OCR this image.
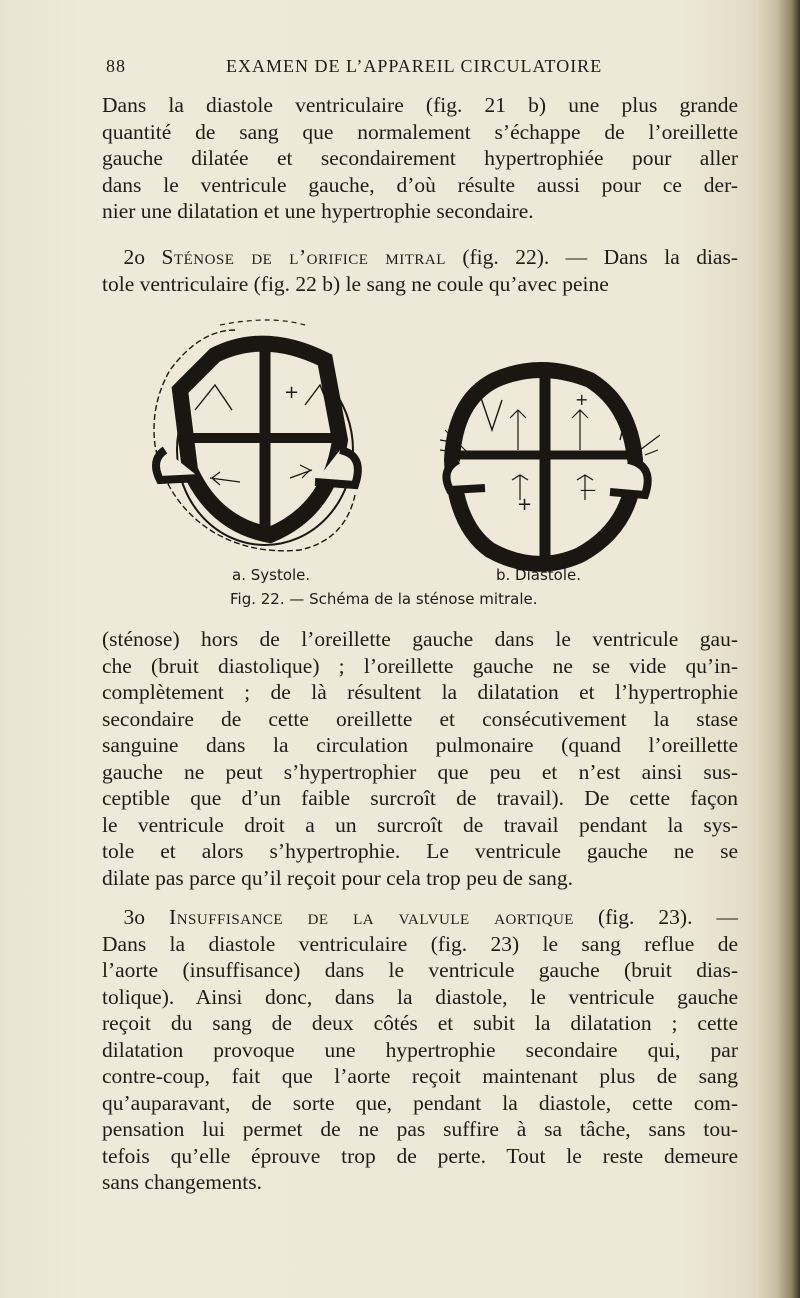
88	EXAMEN DE L’APPAREIL CIRCULATOIRE

Dans la diastole ventriculaire (fig. 21 b) une plus grande
quantité de sang que normalement s’échappe de l’oreillette
gauche dilatée et secondairement hypertrophiée pour aller
dans le ventricule gauche, d’où résulte aussi pour ce der-
nier une dilatation et une hypertrophie secondaire.

 2o Sténose de l’orifice mitral (fig. 22). — Dans la dias-
tole ventriculaire (fig. 22 b) le sang ne coule qu’avec peine

+	+
+
—
a. Systole.	b. Diastole.
Fig. 22. — Schéma de la sténose mitrale.

(sténose) hors de l’oreillette gauche dans le ventricule gau-
che (bruit diastolique) ; l’oreillette gauche ne se vide qu’in-
complètement ; de là résultent la dilatation et l’hypertrophie
secondaire de cette oreillette et consécutivement la stase
sanguine dans la circulation pulmonaire (quand l’oreillette
gauche ne peut s’hypertrophier que peu et n’est ainsi sus-
ceptible que d’un faible surcroît de travail). De cette façon
le ventricule droit a un surcroît de travail pendant la sys-
tole et alors s’hypertrophie. Le ventricule gauche ne se
dilate pas parce qu’il reçoit pour cela trop peu de sang.

 3o Insuffisance de la valvule aortique (fig. 23). —
Dans la diastole ventriculaire (fig. 23) le sang reflue de
l’aorte (insuffisance) dans le ventricule gauche (bruit dias-
tolique). Ainsi donc, dans la diastole, le ventricule gauche
reçoit du sang de deux côtés et subit la dilatation ; cette
dilatation provoque une hypertrophie secondaire qui, par
contre-coup, fait que l’aorte reçoit maintenant plus de sang
qu’auparavant, de sorte que, pendant la diastole, cette com-
pensation lui permet de ne pas suffire à sa tâche, sans tou-
tefois qu’elle éprouve trop de perte. Tout le reste demeure
sans changements.
